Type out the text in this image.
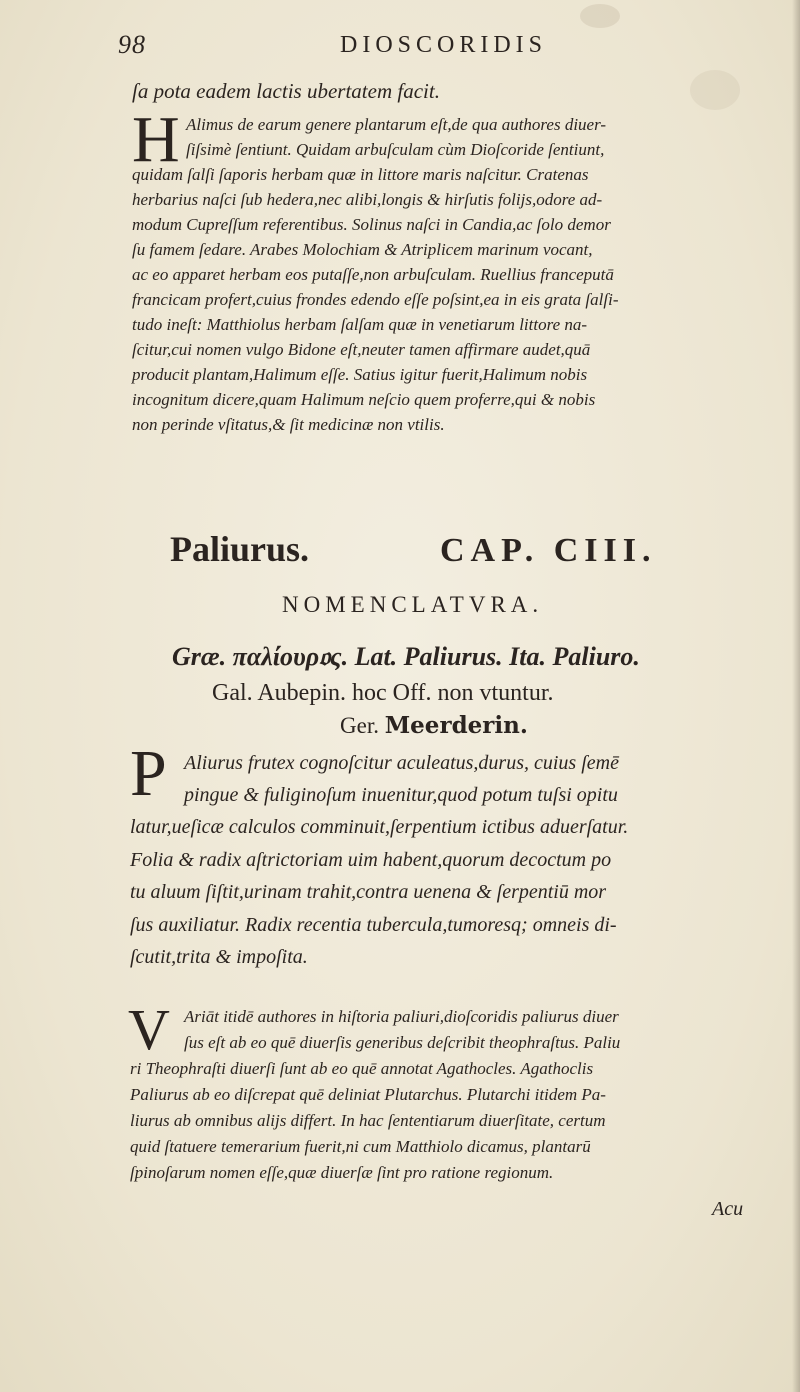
98	DIOSCORIDIS
ſa pota eadem lactis ubertatem facit.
H Alimus de earum genere plantarum eſt,de qua authores diuer-
ſiſsimè ſentiunt. Quidam arbuſculam cùm Dioſcoride ſentiunt,
quidam ſalſi ſaporis herbam quæ in littore maris naſcitur. Cratenas
herbarius naſci ſub hedera,nec alibi,longis & hirſutis folijs,odore ad-
modum Cupreſſum referentibus. Solinus naſci in Candia,ac ſolo demor
ſu famem ſedare. Arabes Molochiam & Atriplicem marinum vocant,
ac eo apparet herbam eos putaſſe,non arbuſculam. Ruellius franceputā
francicam profert,cuius frondes edendo eſſe poſsint,ea in eis grata ſalſi-
tudo ineſt: Matthiolus herbam ſalſam quæ in venetiarum littore na-
ſcitur,cui nomen vulgo Bidone eſt,neuter tamen affirmare audet,quā
producit plantam,Halimum eſſe. Satius igitur fuerit,Halimum nobis
incognitum dicere,quam Halimum neſcio quem proferre,qui & nobis
non perinde vſitatus,& ſit medicinæ non vtilis.
Paliurus.	CAP. CIII.
NOMENCLATVRA.
Græ. παλίουρ𝔬ς. Lat. Paliurus. Ita. Paliuro.
Gal. Aubepin. hoc Off. non vtuntur.
Ger. Meerderin.
P Aliurus frutex cognoſcitur aculeatus,durus, cuius ſemē
pingue & fuliginoſum inuenitur,quod potum tuſsi opitu
latur,ueſicæ calculos comminuit,ſerpentium ictibus aduerſatur.
Folia & radix aſtrictoriam uim habent,quorum decoctum po
tu aluum ſiſtit,urinam trahit,contra uenena & ſerpentiū mor
ſus auxiliatur. Radix recentia tubercula,tumoresq; omneis di-
ſcutit,trita & impoſita.
V Ariāt itidē authores in hiſtoria paliuri,dioſcoridis paliurus diuer
ſus eſt ab eo quē diuerſis generibus deſcribit theophraſtus. Paliu
ri Theophraſti diuerſi ſunt ab eo quē annotat Agathocles. Agathoclis
Paliurus ab eo diſcrepat quē deliniat Plutarchus. Plutarchi itidem Pa-
liurus ab omnibus alijs differt. In hac ſententiarum diuerſitate, certum
quid ſtatuere temerarium fuerit,ni cum Matthiolo dicamus, plantarū
ſpinoſarum nomen eſſe,quæ diuerſæ ſint pro ratione regionum.
Acu
